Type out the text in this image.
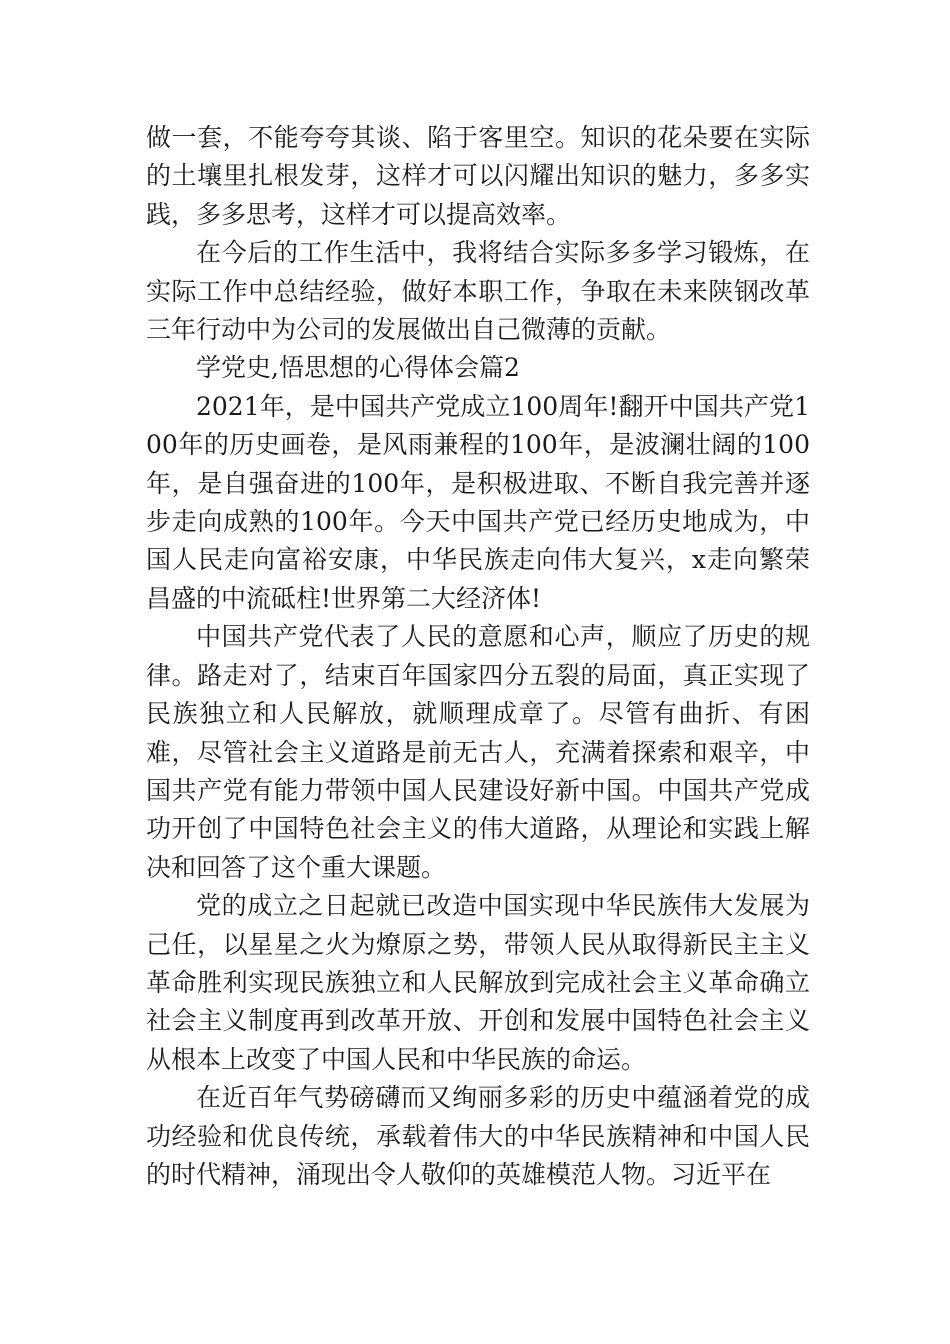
做一套，不能夸夸其谈、陷于客里空。知识的花朵要在实际的土壤里扎根发芽，这样才可以闪耀出知识的魅力，多多实践，多多思考，这样才可以提高效率。

在今后的工作生活中，我将结合实际多多学习锻炼，在实际工作中总结经验，做好本职工作，争取在未来陕钢改革三年行动中为公司的发展做出自己微薄的贡献。

学党史,悟思想的心得体会篇2

2021年，是中国共产党成立100周年!翻开中国共产党100年的历史画卷，是风雨兼程的100年，是波澜壮阔的100年，是自强奋进的100年，是积极进取、不断自我完善并逐步走向成熟的100年。今天中国共产党已经历史地成为，中国人民走向富裕安康，中华民族走向伟大复兴，x走向繁荣昌盛的中流砥柱!世界第二大经济体!

中国共产党代表了人民的意愿和心声，顺应了历史的规律。路走对了，结束百年国家四分五裂的局面，真正实现了民族独立和人民解放，就顺理成章了。尽管有曲折、有困难，尽管社会主义道路是前无古人，充满着探索和艰辛，中国共产党有能力带领中国人民建设好新中国。中国共产党成功开创了中国特色社会主义的伟大道路，从理论和实践上解决和回答了这个重大课题。

党的成立之日起就已改造中国实现中华民族伟大发展为己任，以星星之火为燎原之势，带领人民从取得新民主主义革命胜利实现民族独立和人民解放到完成社会主义革命确立社会主义制度再到改革开放、开创和发展中国特色社会主义从根本上改变了中国人民和中华民族的命运。

在近百年气势磅礴而又绚丽多彩的历史中蕴涵着党的成功经验和优良传统，承载着伟大的中华民族精神和中国人民的时代精神，涌现出令人敬仰的英雄模范人物。习近平在
